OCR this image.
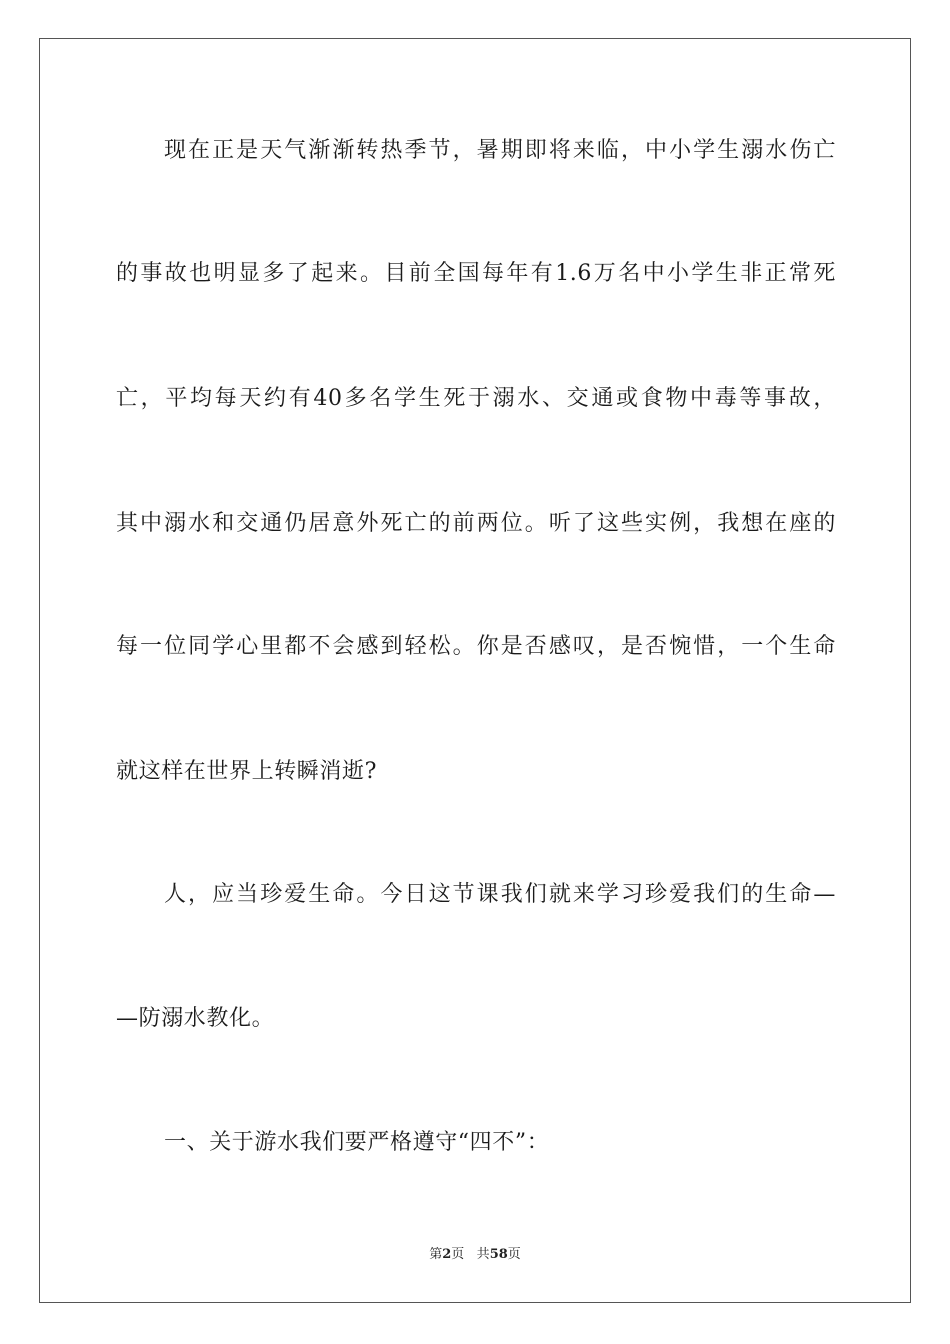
现在正是天气渐渐转热季节，暑期即将来临，中小学生溺水伤亡
的事故也明显多了起来。目前全国每年有1.6万名中小学生非正常死
亡，平均每天约有40多名学生死于溺水、交通或食物中毒等事故，
其中溺水和交通仍居意外死亡的前两位。听了这些实例，我想在座的
每一位同学心里都不会感到轻松。你是否感叹，是否惋惜，一个生命
就这样在世界上转瞬消逝?
人，应当珍爱生命。今日这节课我们就来学习珍爱我们的生命—
—防溺水教化。
一、关于游水我们要严格遵守“四不”：
第2页 共58页
